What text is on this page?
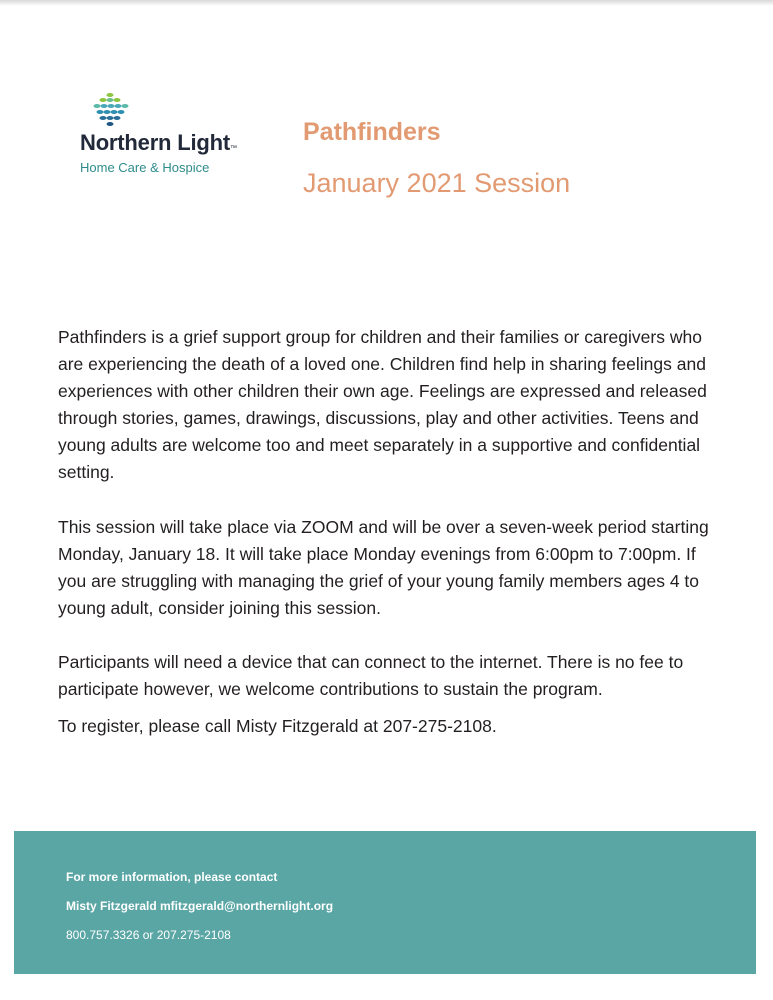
Northern Light™
Home Care & Hospice
Pathfinders
January 2021 Session

Pathfinders is a grief support group for children and their families or caregivers who are experiencing the death of a loved one. Children find help in sharing feelings and experiences with other children their own age. Feelings are expressed and released through stories, games, drawings, discussions, play and other activities. Teens and young adults are welcome too and meet separately in a supportive and confidential setting.

This session will take place via ZOOM and will be over a seven-week period starting Monday, January 18. It will take place Monday evenings from 6:00pm to 7:00pm. If you are struggling with managing the grief of your young family members ages 4 to young adult, consider joining this session.

Participants will need a device that can connect to the internet. There is no fee to participate however, we welcome contributions to sustain the program.

To register, please call Misty Fitzgerald at 207-275-2108.

For more information, please contact
Misty Fitzgerald mfitzgerald@northernlight.org
800.757.3326 or 207.275-2108
